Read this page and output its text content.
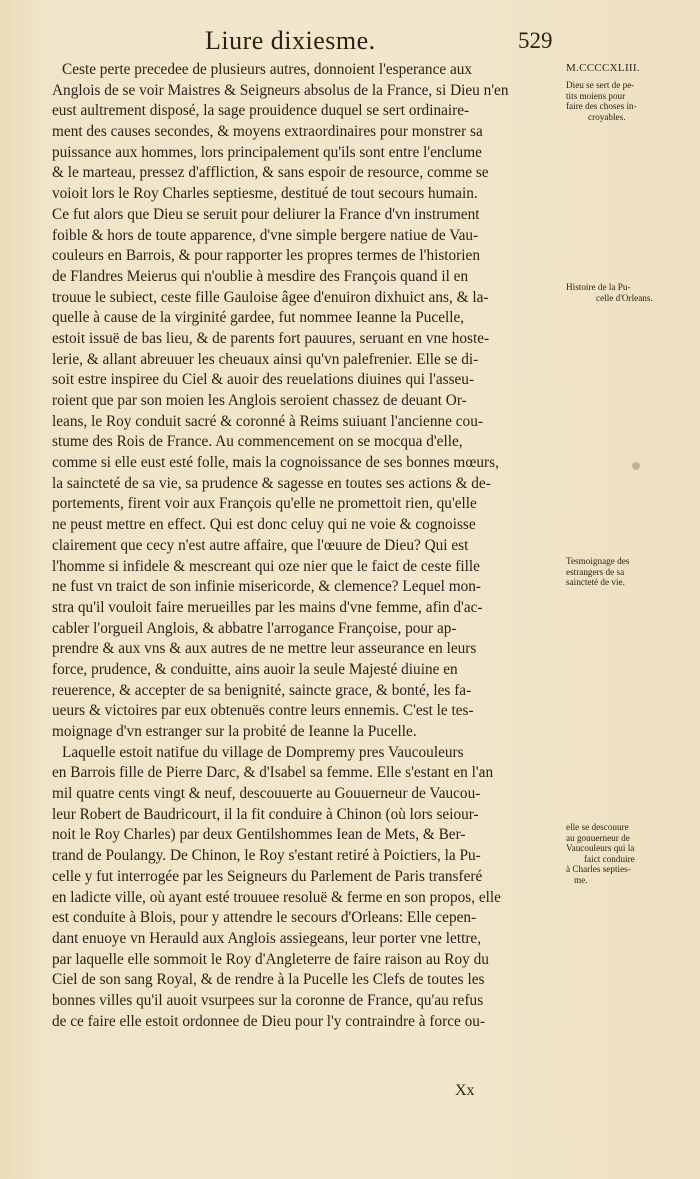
Liure dixiesme.	529
Ceste perte precedee de plusieurs autres, donnoient l'esperance aux
Anglois de se voir Maistres & Seigneurs absolus de la France, si Dieu n'en
eust aultrement disposé, la sage prouidence duquel se sert ordinaire-
ment des causes secondes, & moyens extraordinaires pour monstrer sa
puissance aux hommes, lors principalement qu'ils sont entre l'enclume
& le marteau, pressez d'affliction, & sans espoir de resource, comme se
voioit lors le Roy Charles septiesme, destitué de tout secours humain.
Ce fut alors que Dieu se seruit pour deliurer la France d'vn instrument
foible & hors de toute apparence, d'vne simple bergere natiue de Vau-
couleurs en Barrois, & pour rapporter les propres termes de l'historien
de Flandres Meierus qui n'oublie à mesdire des François quand il en
trouue le subiect, ceste fille Gauloise âgee d'enuiron dixhuict ans, & la-
quelle à cause de la virginité gardee, fut nommee Ieanne la Pucelle,
estoit issuë de bas lieu, & de parents fort pauures, seruant en vne hoste-
lerie, & allant abreuuer les cheuaux ainsi qu'vn palefrenier. Elle se di-
soit estre inspiree du Ciel & auoir des reuelations diuines qui l'asseu-
roient que par son moien les Anglois seroient chassez de deuant Or-
leans, le Roy conduit sacré & coronné à Reims suiuant l'ancienne cou-
stume des Rois de France. Au commencement on se mocqua d'elle,
comme si elle eust esté folle, mais la cognoissance de ses bonnes mœurs,
la saincteté de sa vie, sa prudence & sagesse en toutes ses actions & de-
portements, firent voir aux François qu'elle ne promettoit rien, qu'elle
ne peust mettre en effect. Qui est donc celuy qui ne voie & cognoisse
clairement que cecy n'est autre affaire, que l'œuure de Dieu? Qui est
l'homme si infidele & mescreant qui oze nier que le faict de ceste fille
ne fust vn traict de son infinie misericorde, & clemence? Lequel mon-
stra qu'il vouloit faire merueilles par les mains d'vne femme, afin d'ac-
cabler l'orgueil Anglois, & abbatre l'arrogance Françoise, pour ap-
prendre & aux vns & aux autres de ne mettre leur asseurance en leurs
force, prudence, & conduitte, ains auoir la seule Majesté diuine en
reuerence, & accepter de sa benignité, saincte grace, & bonté, les fa-
ueurs & victoires par eux obtenuës contre leurs ennemis. C'est le tes-
moignage d'vn estranger sur la probité de Ieanne la Pucelle.
Laquelle estoit natifue du village de Dompremy pres Vaucouleurs
en Barrois fille de Pierre Darc, & d'Isabel sa femme. Elle s'estant en l'an
mil quatre cents vingt & neuf, descouuerte au Gouuerneur de Vaucou-
leur Robert de Baudricourt, il la fit conduire à Chinon (où lors seiour-
noit le Roy Charles) par deux Gentilshommes Iean de Mets, & Ber-
trand de Poulangy. De Chinon, le Roy s'estant retiré à Poictiers, la Pu-
celle y fut interrogée par les Seigneurs du Parlement de Paris transferé
en ladicte ville, où ayant esté trouuee resoluë & ferme en son propos, elle
est conduite à Blois, pour y attendre le secours d'Orleans: Elle cepen-
dant enuoye vn Herauld aux Anglois assiegeans, leur porter vne lettre,
par laquelle elle sommoit le Roy d'Angleterre de faire raison au Roy du
Ciel de son sang Royal, & de rendre à la Pucelle les Clefs de toutes les
bonnes villes qu'il auoit vsurpees sur la coronne de France, qu'au refus
de ce faire elle estoit ordonnee de Dieu pour l'y contraindre à force ou-
M.CCCCXLIII.
Dieu se sert de pe-
tits moiens pour
faire des choses in-
croyables.
Histoire de la Pu-
celle d'Orleans.
Tesmoignage des
estrangers de sa
saincteté de vie.
elle se descouure
au gouuerneur de
Vaucouleurs qui la
faict conduire
à Charles septies-
me.
Xx
